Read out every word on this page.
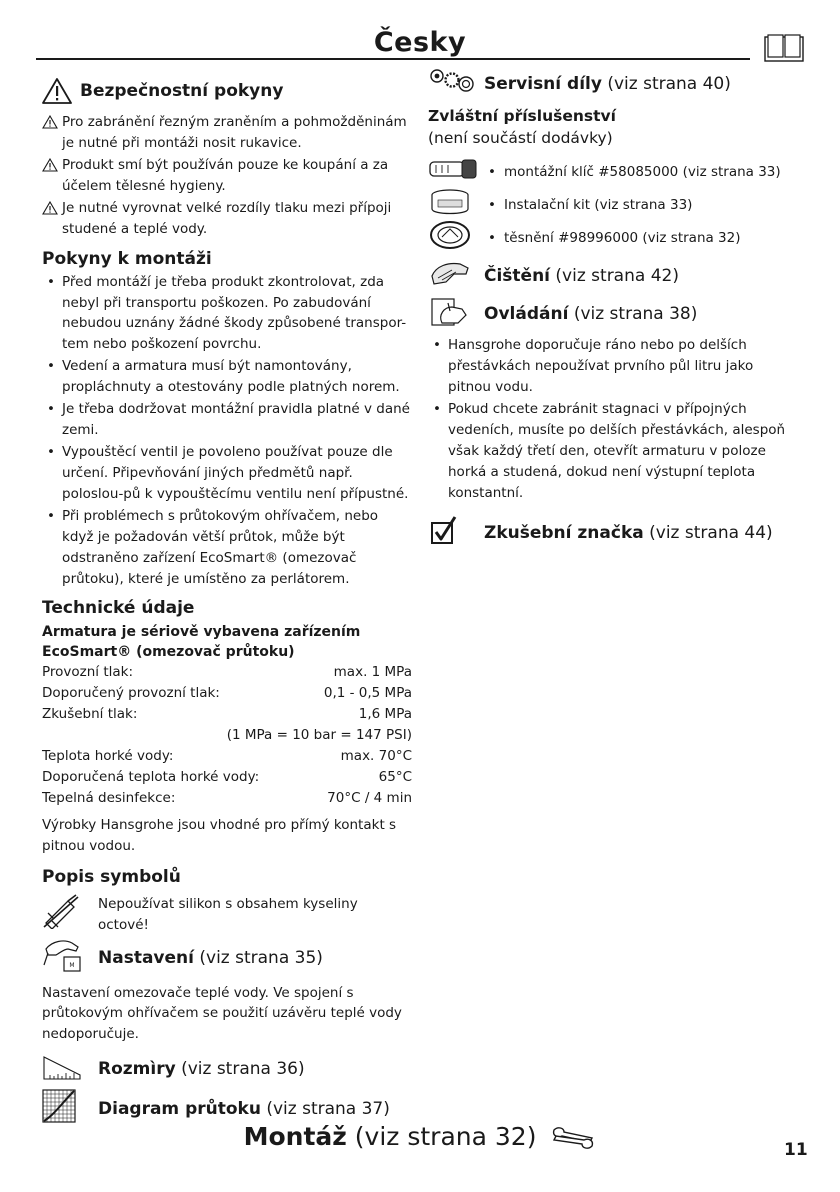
Česky
Bezpečnostní pokyny
Pro zabránění řezným zraněním a pohmožděninám je nutné při montáži nosit rukavice.
Produkt smí být používán pouze ke koupání a za účelem tělesné hygieny.
Je nutné vyrovnat velké rozdíly tlaku mezi přípoji studené a teplé vody.
Pokyny k montáži
• Před montáží je třeba produkt zkontrolovat, zda nebyl při transportu poškozen. Po zabudování nebudou uznány žádné škody způsobené transpor-tem nebo poškození povrchu.
• Vedení a armatura musí být namontovány, propláchnuty a otestovány podle platných norem.
• Je třeba dodržovat montážní pravidla platné v dané zemi.
• Vypouštěcí ventil je povoleno používat pouze dle určení. Připevňování jiných předmětů např. poloslou-pů k vypouštěcímu ventilu není přípustné.
• Při problémech s průtokovým ohřívačem, nebo když je požadován větší průtok, může být odstraněno zařízení EcoSmart® (omezovač průtoku), které je umístěno za perlátorem.
Technické údaje
Armatura je sériově vybavena zařízením EcoSmart® (omezovač průtoku)
Provozní tlak:	max. 1 MPa
Doporučený provozní tlak:	0,1 - 0,5 MPa
Zkušební tlak:	1,6 MPa
(1 MPa = 10 bar = 147 PSI)
Teplota horké vody:	max. 70°C
Doporučená teplota horké vody:	65°C
Tepelná desinfekce:	70°C / 4 min
Výrobky Hansgrohe jsou vhodné pro přímý kontakt s pitnou vodou.
Popis symbolů
Nepoužívat silikon s obsahem kyseliny octové!
M Nastavení (viz strana 35)
Nastavení omezovače teplé vody. Ve spojení s průtokovým ohřívačem se použití uzávěru teplé vody nedoporučuje.
Rozmìry (viz strana 36)
Diagram průtoku (viz strana 37)
Servisní díly (viz strana 40)
Zvláštní příslušenství
(není součástí dodávky)
• montážní klíč #58085000 (viz strana 33)
• Instalační kit (viz strana 33)
• těsnění #98996000 (viz strana 32)
Čištění (viz strana 42)
Ovládání (viz strana 38)
• Hansgrohe doporučuje ráno nebo po delších přestávkách nepoužívat prvního půl litru jako pitnou vodu.
• Pokud chcete zabránit stagnaci v přípojných vedeních, musíte po delších přestávkách, alespoň však každý třetí den, otevřít armaturu v poloze horká a studená, dokud není výstupní teplota konstantní.
Zkušební značka (viz strana 44)
Montáž (viz strana 32)	11
